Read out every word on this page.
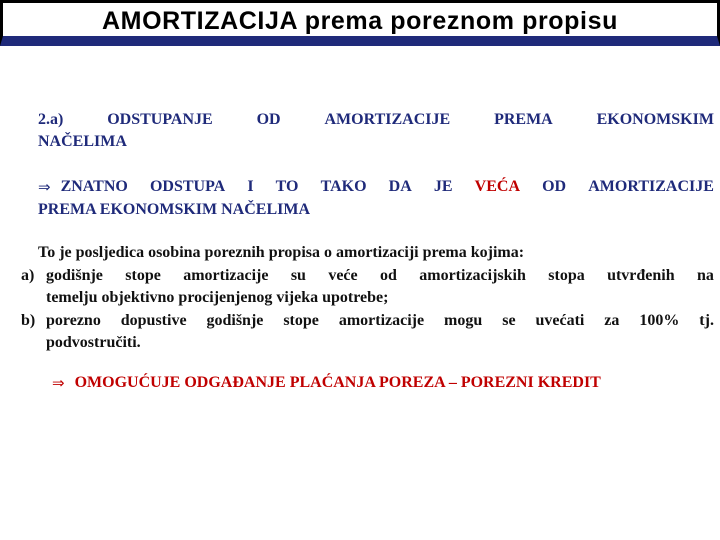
AMORTIZACIJA prema poreznom propisu
2.a)	ODSTUPANJE	OD	AMORTIZACIJE	PREMA	EKONOMSKIM
NAČELIMA
⇒ ZNATNO ODSTUPA I TO TAKO DA JE VEĆA OD AMORTIZACIJE
PREMA EKONOMSKIM NAČELIMA
To je posljedica osobina poreznih propisa o amortizaciji prema kojima:
a) godišnje stope amortizacije su veće od amortizacijskih stopa utvrđenih na
temelju objektivno procijenjenog vijeka upotrebe;
b) porezno dopustive godišnje stope amortizacije mogu se uvećati za 100% tj.
podvostručiti.
⇒ OMOGUĆUJE ODGAĐANJE PLAĆANJA POREZA – POREZNI KREDIT
